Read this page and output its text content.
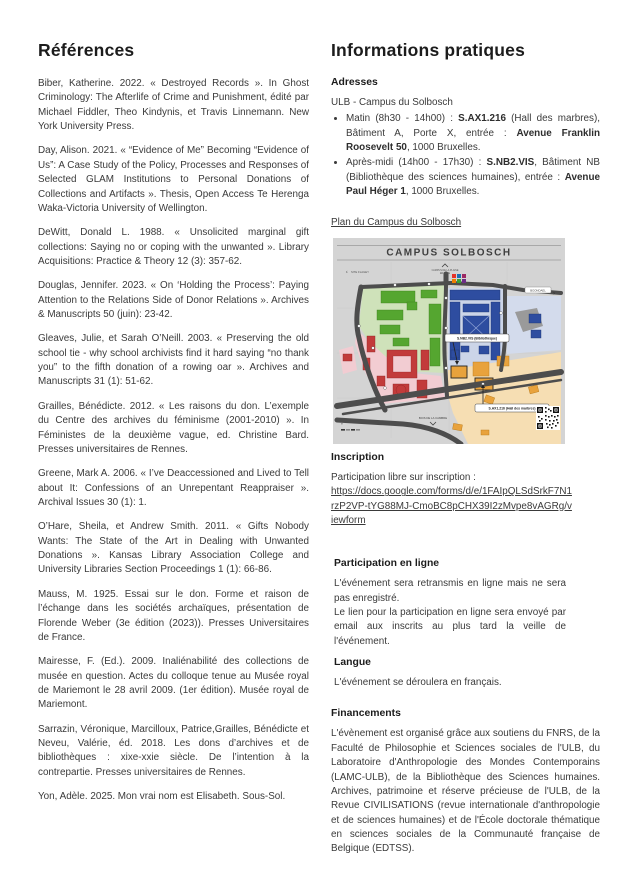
Références

Biber, Katherine. 2022. « Destroyed Records ». In Ghost Criminology: The Afterlife of Crime and Punishment, édité par Michael Fiddler, Theo Kindynis, et Travis Linnemann. New York University Press.

Day, Alison. 2021. « “Evidence of Me” Becoming “Evidence of Us”: A Case Study of the Policy, Processes and Responses of Selected GLAM Institutions to Personal Donations of Collections and Artifacts ». Thesis, Open Access Te Herenga Waka-Victoria University of Wellington.

DeWitt, Donald L. 1988. « Unsolicited marginal gift collections: Saying no or coping with the unwanted ». Library Acquisitions: Practice & Theory 12 (3): 357-62.

Douglas, Jennifer. 2023. « On ‘Holding the Process’: Paying Attention to the Relations Side of Donor Relations ». Archives & Manuscripts 50 (juin): 23-42.

Gleaves, Julie, et Sarah O’Neill. 2003. « Preserving the old school tie - why school archivists find it hard saying “no thank you” to the fifth donation of a rowing oar ». Archives and Manuscripts 31 (1): 51-62.

Grailles, Bénédicte. 2012. « Les raisons du don. L’exemple du Centre des archives du féminisme (2001-2010) ». In Féministes de la deuxième vague, ed. Christine Bard. Presses universitaires de Rennes.

Greene, Mark A. 2006. « I’ve Deaccessioned and Lived to Tell about It: Confessions of an Unrepentant Reappraiser ». Archival Issues 30 (1): 1.

O’Hare, Sheila, et Andrew Smith. 2011. « Gifts Nobody Wants: The State of the Art in Dealing with Unwanted Donations ». Kansas Library Association College and University Libraries Section Proceedings 1 (1): 66-86.

Mauss, M. 1925. Essai sur le don. Forme et raison de l’échange dans les sociétés archaïques, présentation de Florende Weber (3e édition (2023)). Presses Universitaires de France.

Mairesse, F. (Ed.). 2009. Inaliénabilité des collections de musée en question. Actes du colloque tenue au Musée royal de Mariemont le 28 avril 2009. (1er édition). Musée royal de Mariemont.

Sarrazin, Véronique, Marcilloux, Patrice,Grailles, Bénédicte et Neveu, Valérie, éd. 2018. Les dons d’archives et de bibliothèques : xixe-xxie siècle. De l’intention à la contrepartie. Presses universitaires de Rennes.

Yon, Adèle. 2025. Mon vrai nom est Elisabeth. Sous-Sol.

Informations pratiques
Adresses

ULB - Campus du Solbosch

• Matin (8h30 - 14h00) : S.AX1.216 (Hall des marbres), Bâtiment A, Porte X, entrée : Avenue Franklin Roosevelt 50, 1000 Bruxelles.
• Après-midi (14h00 - 17h30) : S.NB2.VIS, Bâtiment NB (Bibliothèque des sciences humaines), entrée : Avenue Paul Héger 1, 1000 Bruxelles.
Plan du Campus du Solbosch
CAMPUS SOLBOSCH
‹ SITE FLAGEY	CAMPUS DE LA PLAINE
ERASME
BOONDAEL
›
S.NB2.VIS (Bibliothèque)
S.AX1.216 (Hall des marbres)
BOIS DE LA CAMBRE
⌖
Inscription

Participation libre sur inscription :

https://docs.google.com/forms/d/e/1FAIpQLSdSrkF7N1rzP2VP-tYG88MJ-CmoBC8pCHX39I2zMvpe8vAGRg/viewform
Participation en ligne

L'événement sera retransmis en ligne mais ne sera pas enregistré.

Le lien pour la participation en ligne sera envoyé par email aux inscrits au plus tard la veille de l'événement.

Langue

L'événement se déroulera en français.

Financements

L'évènement est organisé grâce aux soutiens du FNRS, de la Faculté de Philosophie et Sciences sociales de l'ULB, du Laboratoire d'Anthropologie des Mondes Contemporains (LAMC-ULB), de la Bibliothèque des Sciences humaines. Archives, patrimoine et réserve précieuse de l'ULB, de la Revue CIVILISATIONS (revue internationale d'anthropologie et de sciences humaines) et de l'École doctorale thématique en sciences sociales de la Communauté française de Belgique (EDTSS).
